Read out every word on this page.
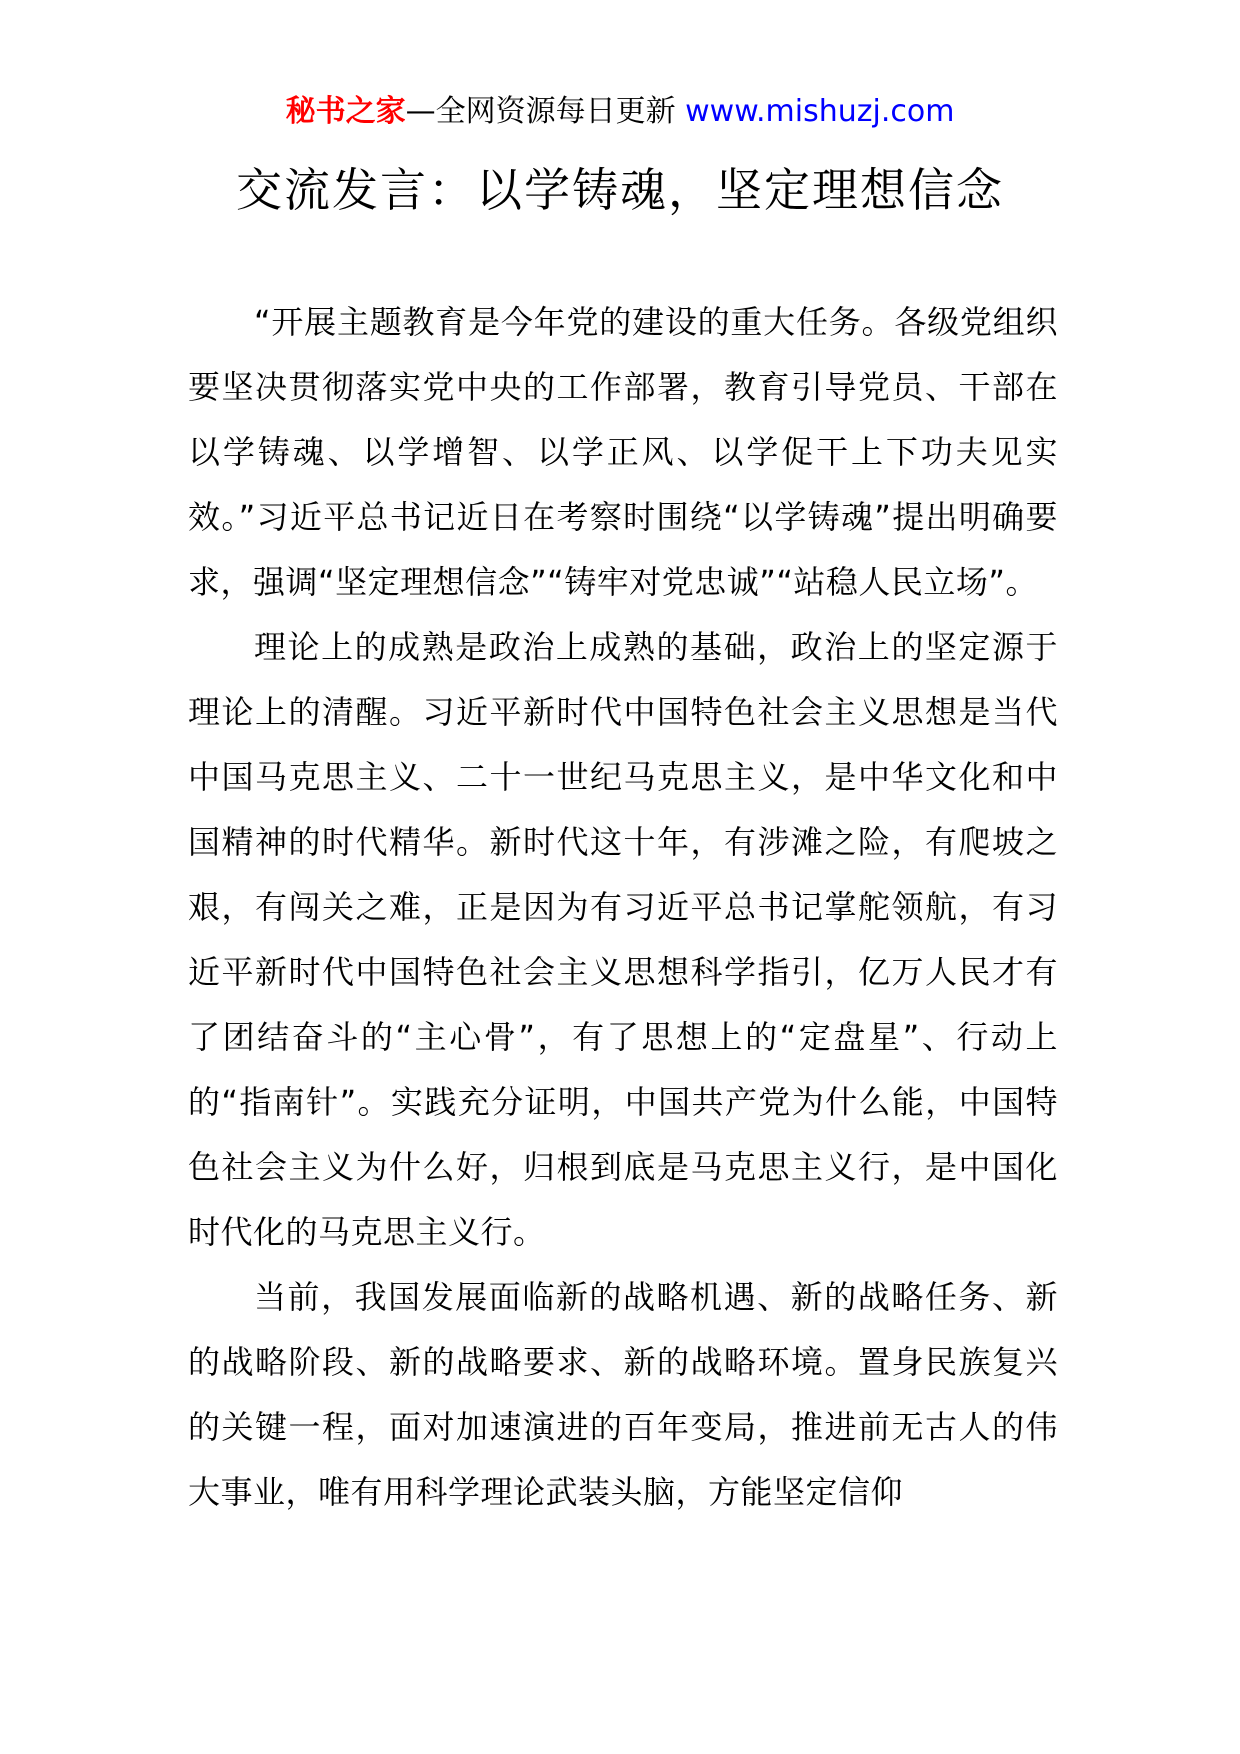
秘书之家—全网资源每日更新 www.mishuzj.com
交流发言：以学铸魂，坚定理想信念

“开展主题教育是今年党的建设的重大任务。各级党组织要坚决贯彻落实党中央的工作部署，教育引导党员、干部在以学铸魂、以学增智、以学正风、以学促干上下功夫见实效。”习近平总书记近日在考察时围绕“以学铸魂”提出明确要求，强调“坚定理想信念”“铸牢对党忠诚”“站稳人民立场”。

理论上的成熟是政治上成熟的基础，政治上的坚定源于理论上的清醒。习近平新时代中国特色社会主义思想是当代中国马克思主义、二十一世纪马克思主义，是中华文化和中国精神的时代精华。新时代这十年，有涉滩之险，有爬坡之艰，有闯关之难，正是因为有习近平总书记掌舵领航，有习近平新时代中国特色社会主义思想科学指引，亿万人民才有了团结奋斗的“主心骨”，有了思想上的“定盘星”、行动上的“指南针”。实践充分证明，中国共产党为什么能，中国特色社会主义为什么好，归根到底是马克思主义行，是中国化时代化的马克思主义行。

当前，我国发展面临新的战略机遇、新的战略任务、新的战略阶段、新的战略要求、新的战略环境。置身民族复兴的关键一程，面对加速演进的百年变局，推进前无古人的伟大事业，唯有用科学理论武装头脑，方能坚定信仰
